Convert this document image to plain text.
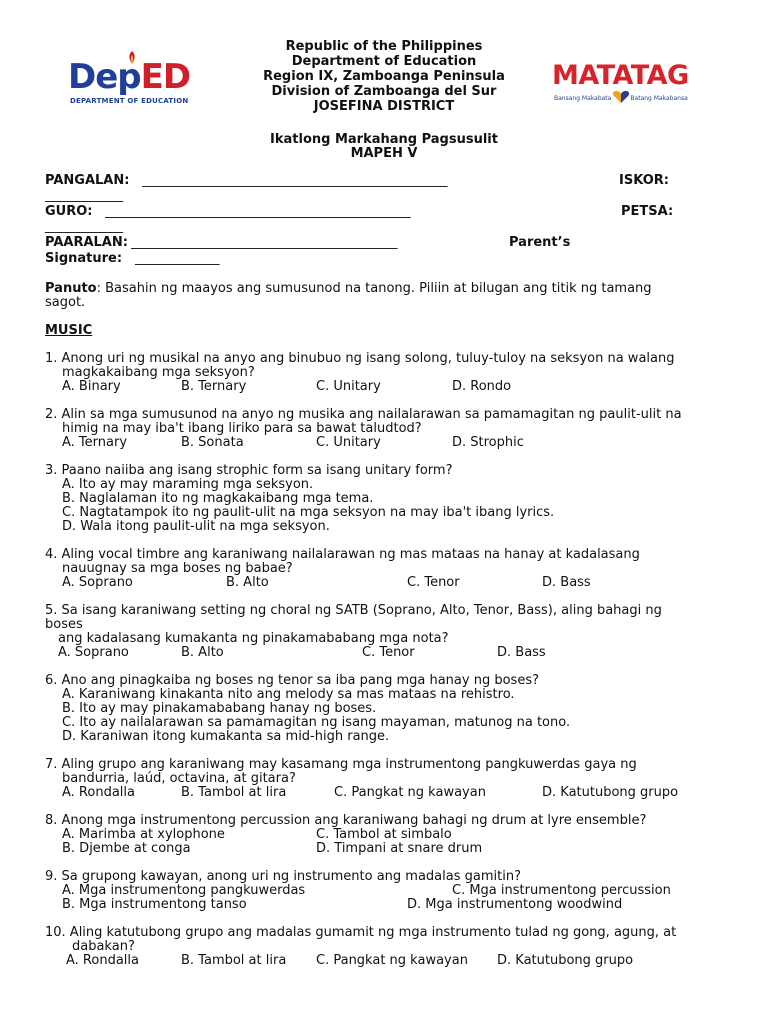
DepED
DEPARTMENT OF EDUCATION
MATATAG
Bansang Makabata	Batang Makabansa
Republic of the Philippines
Department of Education
Region IX, Zamboanga Peninsula
Division of Zamboanga del Sur
JOSEFINA DISTRICT
Ikatlong Markahang Pagsusulit
MAPEH V
PANGALAN: _______________________________________________	ISKOR:
____________
GURO: _______________________________________________	PETSA:
____________
PAARALAN: _________________________________________	Parent’s
Signature: _____________
Panuto: Basahin ng maayos ang sumusunod na tanong. Piliin at bilugan ang titik ng tamang
sagot.
MUSIC
1. Anong uri ng musikal na anyo ang binubuo ng isang solong, tuluy-tuloy na seksyon na walang
magkakaibang mga seksyon?
A. Binary	B. Ternary	C. Unitary	D. Rondo
2. Alin sa mga sumusunod na anyo ng musika ang nailalarawan sa pamamagitan ng paulit-ulit na
himig na may iba't ibang liriko para sa bawat taludtod?
A. Ternary	B. Sonata	C. Unitary	D. Strophic
3. Paano naiiba ang isang strophic form sa isang unitary form?
A. Ito ay may maraming mga seksyon.
B. Naglalaman ito ng magkakaibang mga tema.
C. Nagtatampok ito ng paulit-ulit na mga seksyon na may iba't ibang lyrics.
D. Wala itong paulit-ulit na mga seksyon.
4. Aling vocal timbre ang karaniwang nailalarawan ng mas mataas na hanay at kadalasang
nauugnay sa mga boses ng babae?
A. Soprano	B. Alto	C. Tenor	D. Bass
5. Sa isang karaniwang setting ng choral ng SATB (Soprano, Alto, Tenor, Bass), aling bahagi ng
boses
ang kadalasang kumakanta ng pinakamababang mga nota?
A. Soprano	B. Alto	C. Tenor	D. Bass
6. Ano ang pinagkaiba ng boses ng tenor sa iba pang mga hanay ng boses?
A. Karaniwang kinakanta nito ang melody sa mas mataas na rehistro.
B. Ito ay may pinakamababang hanay ng boses.
C. Ito ay nailalarawan sa pamamagitan ng isang mayaman, matunog na tono.
D. Karaniwan itong kumakanta sa mid-high range.
7. Aling grupo ang karaniwang may kasamang mga instrumentong pangkuwerdas gaya ng
bandurria, laúd, octavina, at gitara?
A. Rondalla	B. Tambol at lira	C. Pangkat ng kawayan	D. Katutubong grupo
8. Anong mga instrumentong percussion ang karaniwang bahagi ng drum at lyre ensemble?
A. Marimba at xylophone	C. Tambol at simbalo
B. Djembe at conga	D. Timpani at snare drum
9. Sa grupong kawayan, anong uri ng instrumento ang madalas gamitin?
A. Mga instrumentong pangkuwerdas	C. Mga instrumentong percussion
B. Mga instrumentong tanso	D. Mga instrumentong woodwind
10. Aling katutubong grupo ang madalas gumamit ng mga instrumento tulad ng gong, agung, at
dabakan?
A. Rondalla	B. Tambol at lira C. Pangkat ng kawayan D. Katutubong grupo
